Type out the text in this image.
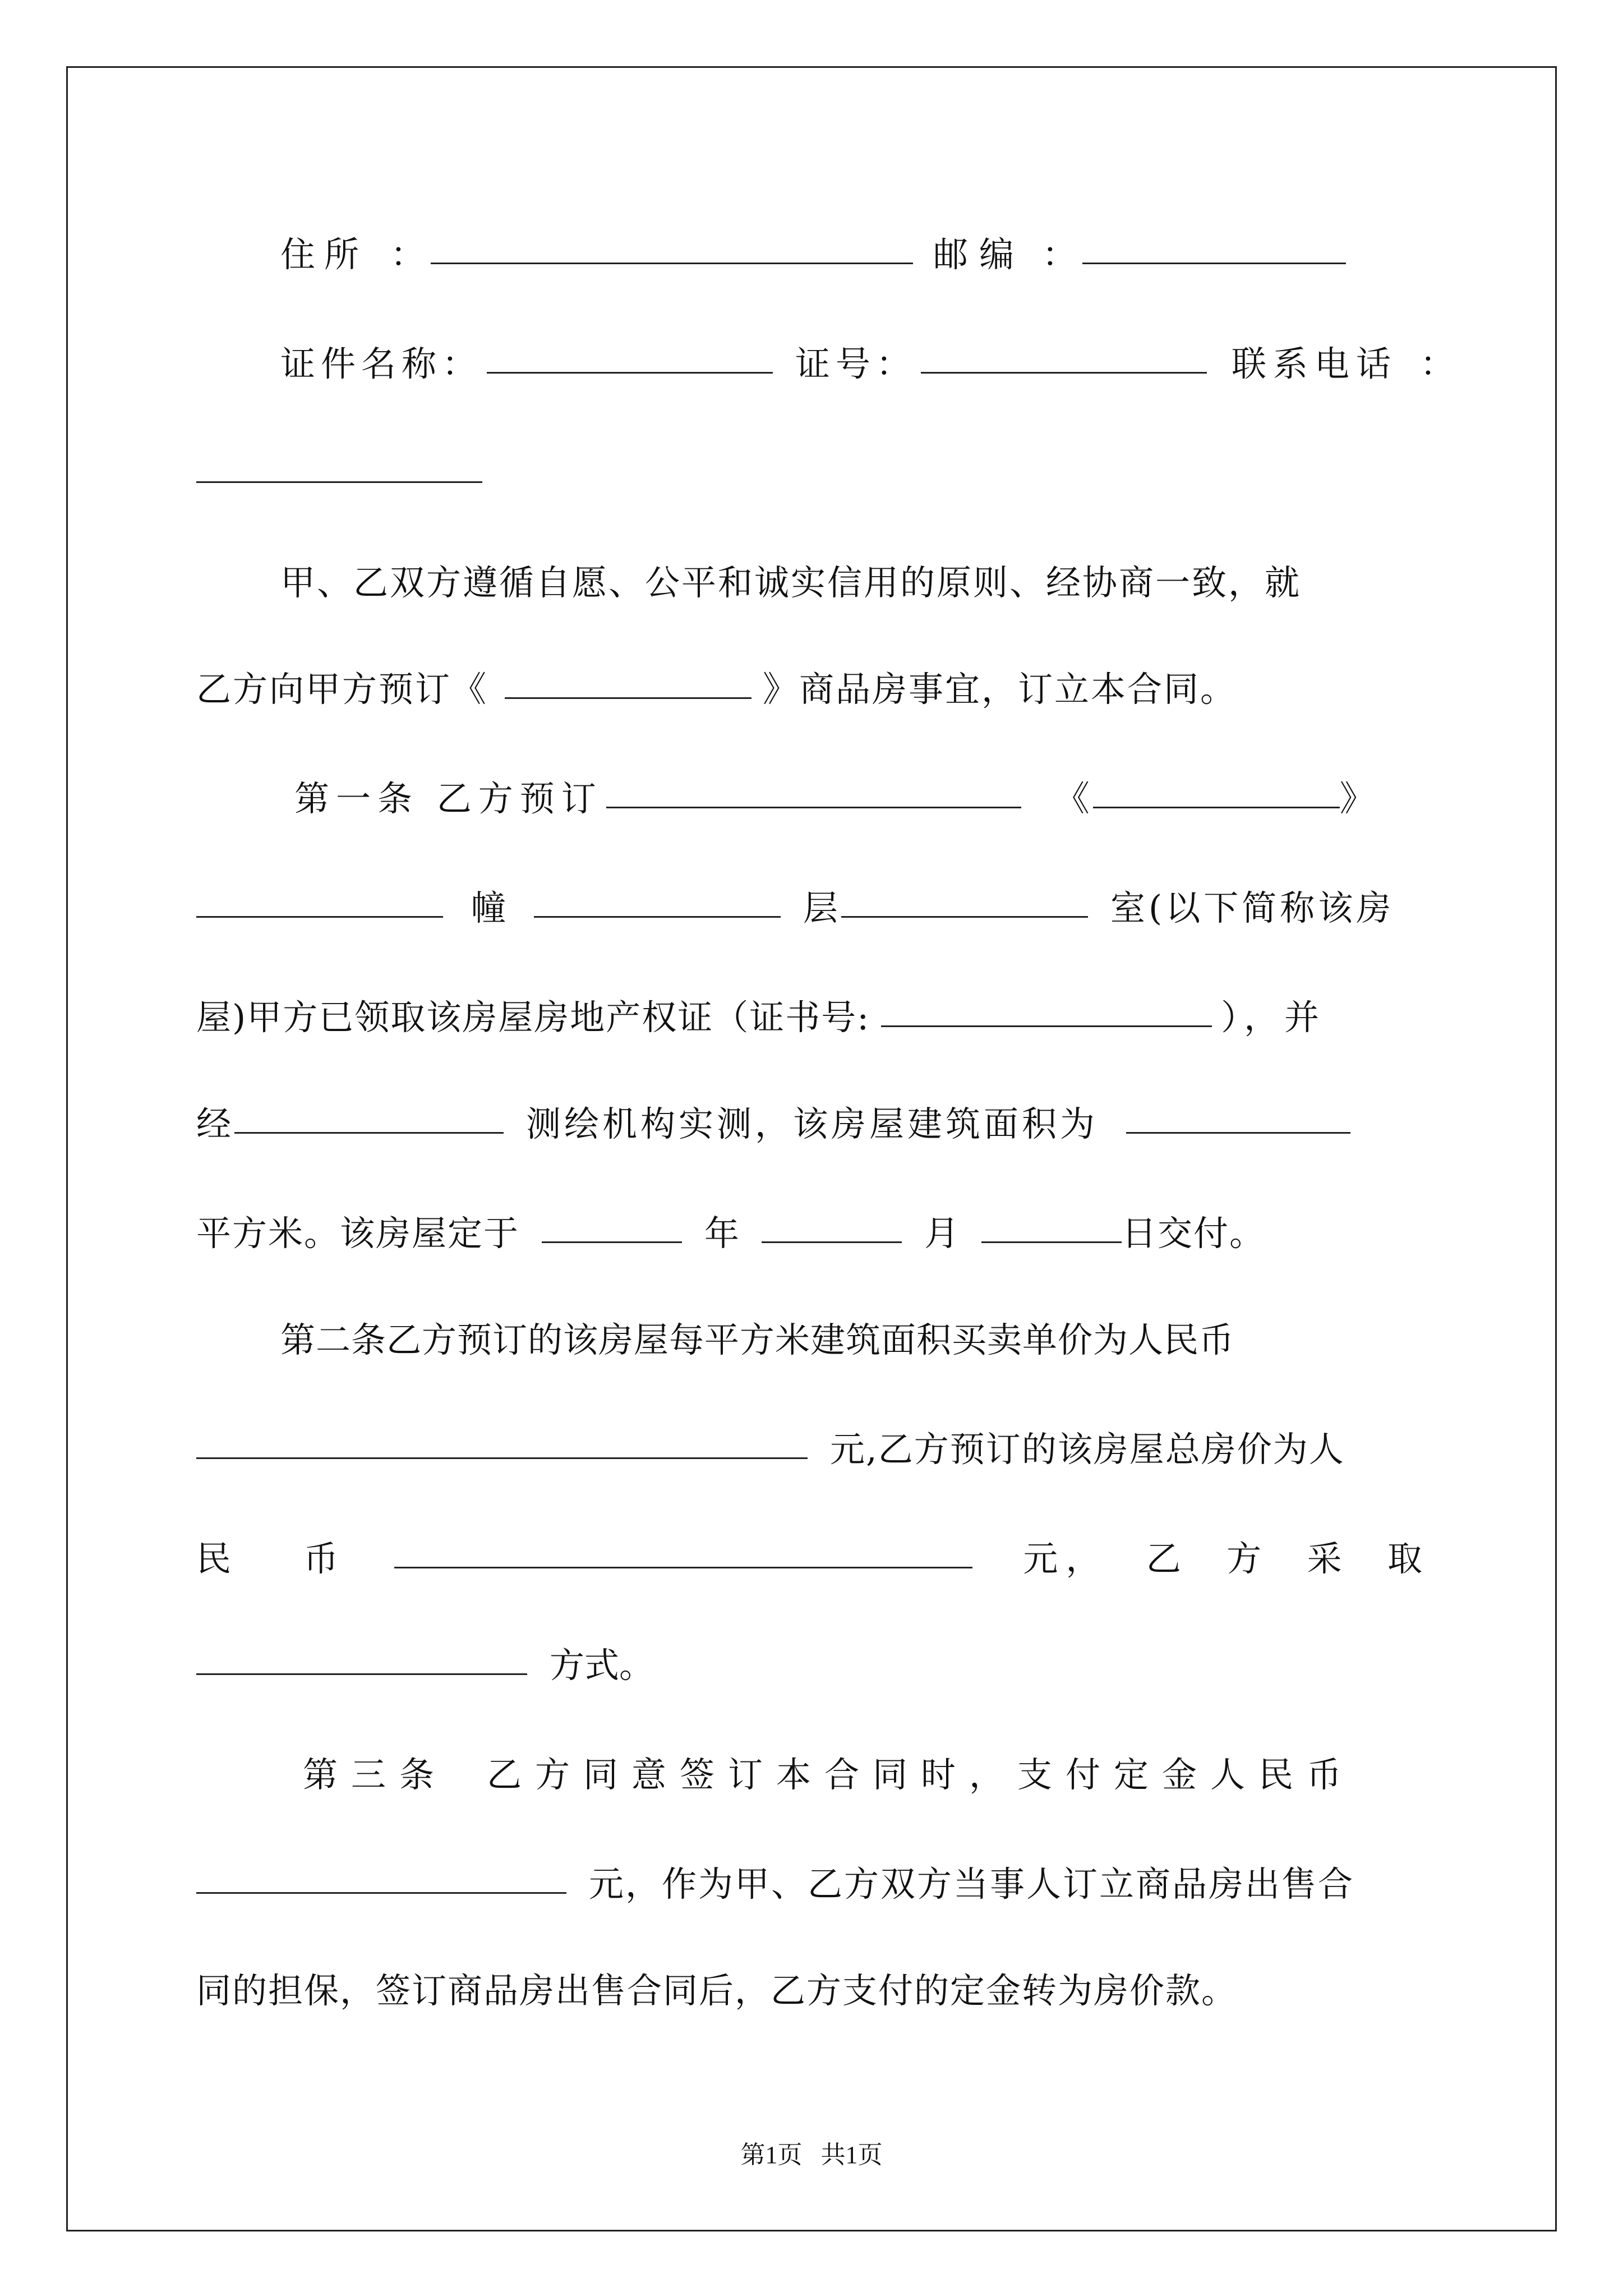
住所 ：	邮编 ：
证件名称：	证号：	联系电话 ：
甲、乙双方遵循自愿、公平和诚实信用的原则、经协商一致，就
乙方向甲方预订《	》商品房事宜，订立本合同。
第一条 乙方预订	《	》
幢	层	室(以下简称该房
屋)甲方已领取该房屋房地产权证（证书号:	），并
经	测绘机构实测，该房屋建筑面积为
平方米。该房屋定于	年	月	日交付。
第二条乙方预订的该房屋每平方米建筑面积买卖单价为人民币
元,乙方预订的该房屋总房价为人
民  币	元，  乙  方  采  取
方式。
第三条 乙方同意签订本合同时，支付定金人民币
元，作为甲、乙方双方当事人订立商品房出售合
同的担保，签订商品房出售合同后，乙方支付的定金转为房价款。
第1页   共1页
